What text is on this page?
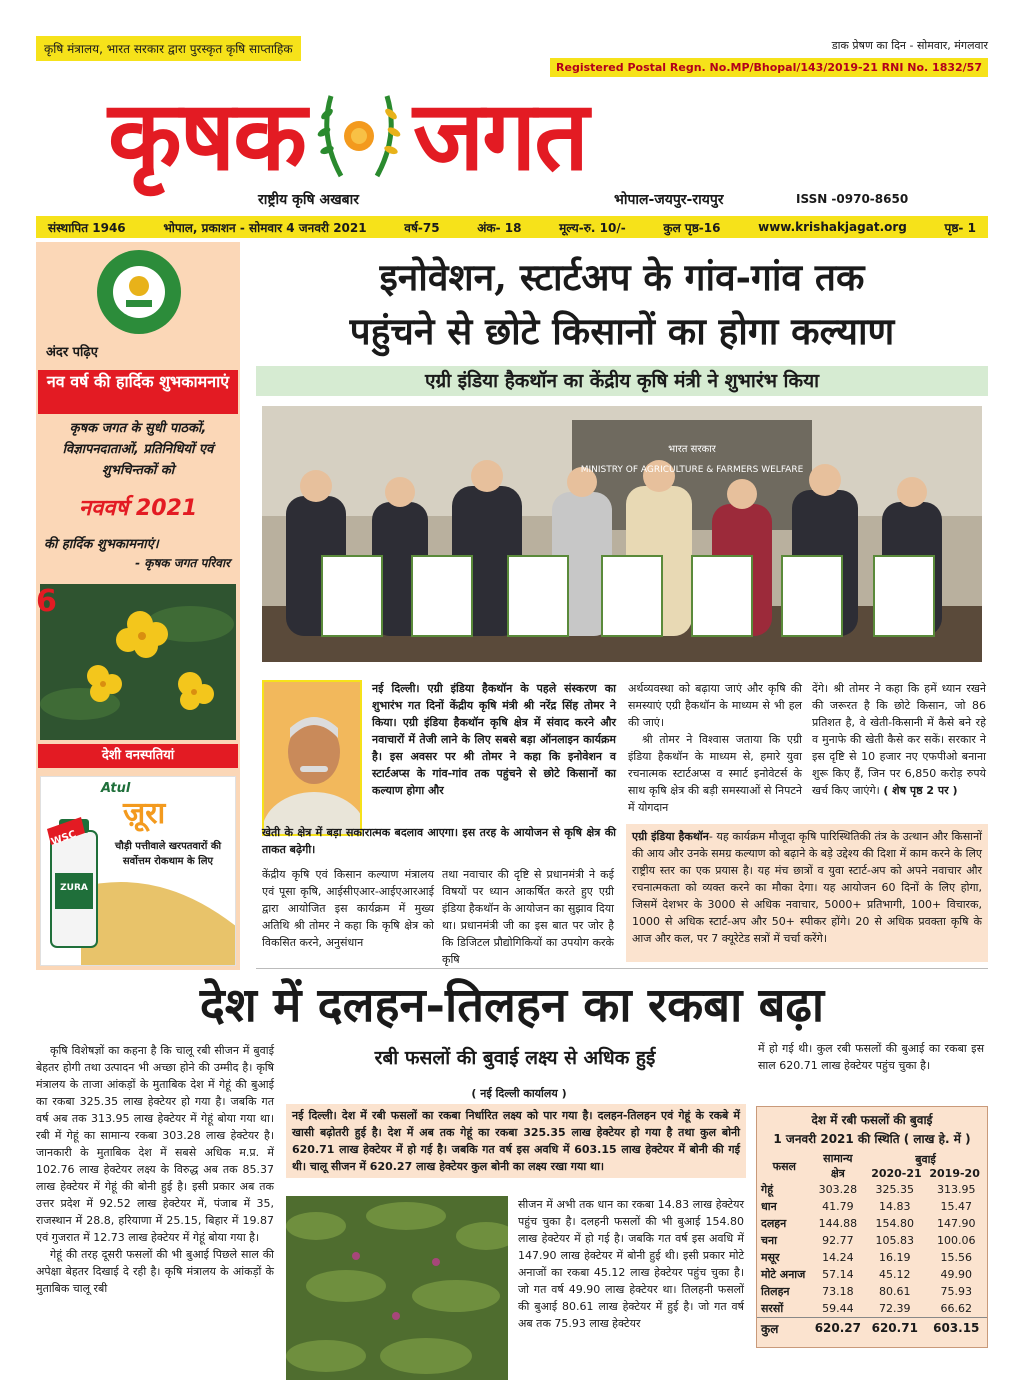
कृषि मंत्रालय, भारत सरकार द्वारा पुरस्कृत कृषि साप्ताहिक	डाक प्रेषण का दिन - सोमवार, मंगलवार
Registered Postal Regn. No.MP/Bhopal/143/2019-21 RNI No. 1832/57
कृषक जगत
राष्ट्रीय कृषि अखबार	भोपाल-जयपुर-रायपुर	ISSN -0970-8650
संस्थापित 1946	भोपाल, प्रकाशन - सोमवार 4 जनवरी 2021	वर्ष-75	अंक- 18	मूल्य-रु. 10/-	कुल पृष्ठ-16	www.krishakjagat.org	पृष्ठ- 1
अंदर पढ़िए
नव वर्ष की हार्दिक शुभकामनाएं
कृषक जगत के सुधी पाठकों, विज्ञापनदाताओं, प्रतिनिधियों एवं शुभचिन्तकों को
नववर्ष 2021
की हार्दिक शुभकामनाएं।
- कृषक जगत परिवार
6
देशी वनस्पतियां
Atul
ज़ूरा
WSC
ZURA
चौड़ी पत्तीवाले खरपतवारों की सर्वोत्तम रोकथाम के लिए
इनोवेशन, स्टार्टअप के गांव-गांव तक
पहुंचने से छोटे किसानों का होगा कल्याण
एग्री इंडिया हैकथॉन का केंद्रीय कृषि मंत्री ने शुभारंभ किया
भारत सरकार
MINISTRY OF AGRICULTURE & FARMERS WELFARE

नई दिल्ली। एग्री इंडिया हैकथॉन के पहले संस्करण का शुभारंभ गत दिनों केंद्रीय कृषि मंत्री श्री नरेंद्र सिंह तोमर ने किया। एग्री इंडिया हैकथॉन कृषि क्षेत्र में संवाद करने और नवाचारों में तेजी लाने के लिए सबसे बड़ा ऑनलाइन कार्यक्रम है। इस अवसर पर श्री तोमर ने कहा कि इनोवेशन व स्टार्टअप्स के गांव-गांव तक पहुंचने से छोटे किसानों का कल्याण होगा और

खेती के क्षेत्र में बड़ा सकारात्मक बदलाव आएगा। इस तरह के आयोजन से कृषि क्षेत्र की ताकत बढ़ेगी।

केंद्रीय कृषि एवं किसान कल्याण मंत्रालय एवं पूसा कृषि, आईसीएआर-आईएआरआई द्वारा आयोजित इस कार्यक्रम में मुख्य अतिथि श्री तोमर ने कहा कि कृषि क्षेत्र को विकसित करने, अनुसंधान

तथा नवाचार की दृष्टि से प्रधानमंत्री ने कई विषयों पर ध्यान आकर्षित करते हुए एग्री इंडिया हैकथॉन के आयोजन का सुझाव दिया था। प्रधानमंत्री जी का इस बात पर जोर है कि डिजिटल प्रौद्योगिकियों का उपयोग करके कृषि

अर्थव्यवस्था को बढ़ाया जाएं और कृषि की समस्याएं एग्री हैकथॉन के माध्यम से भी हल की जाएं।

श्री तोमर ने विश्वास जताया कि एग्री इंडिया हैकथॉन के माध्यम से, हमारे युवा रचनात्मक स्टार्टअप्स व स्मार्ट इनोवेटर्स के साथ कृषि क्षेत्र की बड़ी समस्याओं से निपटने में योगदान

देंगे। श्री तोमर ने कहा कि हमें ध्यान रखने की जरूरत है कि छोटे किसान, जो 86 प्रतिशत है, वे खेती-किसानी में कैसे बने रहे व मुनाफे की खेती कैसे कर सकें। सरकार ने इस दृष्टि से 10 हजार नए एफपीओ बनाना शुरू किए हैं, जिन पर 6,850 करोड़ रुपये खर्च किए जाएंगे। ( शेष पृष्ठ 2 पर )
एग्री इंडिया हैकथॉन- यह कार्यक्रम मौजूदा कृषि पारिस्थितिकी तंत्र के उत्थान और किसानों की आय और उनके समग्र कल्याण को बढ़ाने के बड़े उद्देश्य की दिशा में काम करने के लिए राष्ट्रीय स्तर का एक प्रयास है। यह मंच छात्रों व युवा स्टार्ट-अप को अपने नवाचार और रचनात्मकता को व्यक्त करने का मौका देगा। यह आयोजन 60 दिनों के लिए होगा, जिसमें देशभर के 3000 से अधिक नवाचार, 5000+ प्रतिभागी, 100+ विचारक, 1000 से अधिक स्टार्ट-अप और 50+ स्पीकर होंगे। 20 से अधिक प्रवक्ता कृषि के आज और कल, पर 7 क्यूरेटेड सत्रों में चर्चा करेंगे।
देश में दलहन-तिलहन का रकबा बढ़ा
रबी फसलों की बुवाई लक्ष्य से अधिक हुई

कृषि विशेषज्ञों का कहना है कि चालू रबी सीजन में बुवाई बेहतर होगी तथा उत्पादन भी अच्छा होने की उम्मीद है। कृषि मंत्रालय के ताजा आंकड़ों के मुताबिक देश में गेहूं की बुआई का रकबा 325.35 लाख हेक्टेयर हो गया है। जबकि गत वर्ष अब तक 313.95 लाख हेक्टेयर में गेहूं बोया गया था। रबी में गेहूं का सामान्य रकबा 303.28 लाख हेक्टेयर है। जानकारी के मुताबिक देश में सबसे अधिक म.प्र. में 102.76 लाख हेक्टेयर लक्ष्य के विरुद्ध अब तक 85.37 लाख हेक्टेयर में गेहूं की बोनी हुई है। इसी प्रकार अब तक उत्तर प्रदेश में 92.52 लाख हेक्टेयर में, पंजाब में 35, राजस्थान में 28.8, हरियाणा में 25.15, बिहार में 19.87 एवं गुजरात में 12.73 लाख हेक्टेयर में गेहूं बोया गया है।

गेहूं की तरह दूसरी फसलों की भी बुआई पिछले साल की अपेक्षा बेहतर दिखाई दे रही है। कृषि मंत्रालय के आंकड़ों के मुताबिक चालू रबी

( नई दिल्ली कार्यालय )

नई दिल्ली। देश में रबी फसलों का रकबा निर्धारित लक्ष्य को पार गया है। दलहन-तिलहन एवं गेहूं के रकबे में खासी बढ़ोतरी हुई है। देश में अब तक गेहूं का रकबा 325.35 लाख हेक्टेयर हो गया है तथा कुल बोनी 620.71 लाख हेक्टेयर में हो गई है। जबकि गत वर्ष इस अवधि में 603.15 लाख हेक्टेयर में बोनी की गई थी। चालू सीजन में 620.27 लाख हेक्टेयर कुल बोनी का लक्ष्य रखा गया था।

सीजन में अभी तक धान का रकबा 14.83 लाख हेक्टेयर पहुंच चुका है। दलहनी फसलों की भी बुआई 154.80 लाख हेक्टेयर में हो गई है। जबकि गत वर्ष इस अवधि में 147.90 लाख हेक्टेयर में बोनी हुई थी। इसी प्रकार मोटे अनाजों का रकबा 45.12 लाख हेक्टेयर पहुंच चुका है। जो गत वर्ष 49.90 लाख हेक्टेयर था। तिलहनी फसलों की बुआई 80.61 लाख हेक्टेयर में हुई है। जो गत वर्ष अब तक 75.93 लाख हेक्टेयर

में हो गई थी। कुल रबी फसलों की बुआई का रकबा इस साल 620.71 लाख हेक्टेयर पहुंच चुका है।

देश में रबी फसलों की बुवाई
1 जनवरी 2021 की स्थिति ( लाख हे. में )
फसल	सामान्य
क्षेत्र	बुवाई
2020-21 2019-20	
गेहूं	303.28	325.35	313.95
धान	41.79	14.83	15.47
दलहन	144.88	154.80	147.90
चना	92.77	105.83	100.06
मसूर	14.24	16.19	15.56
मोटे अनाज	57.14	45.12	49.90
तिलहन	73.18	80.61	75.93
सरसों	59.44	72.39	66.62
कुल	620.27	620.71	603.15
